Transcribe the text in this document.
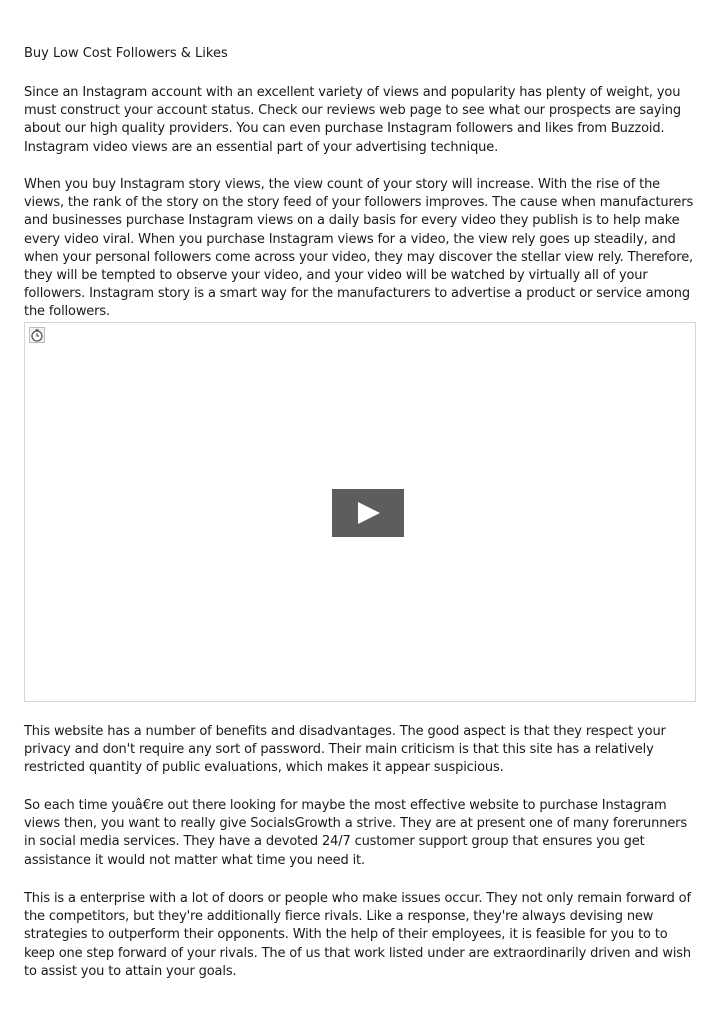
Buy Low Cost Followers & Likes

Since an Instagram account with an excellent variety of views and popularity has plenty of weight, you must construct your account status. Check our reviews web page to see what our prospects are saying about our high quality providers. You can even purchase Instagram followers and likes from Buzzoid. Instagram video views are an essential part of your advertising technique.

When you buy Instagram story views, the view count of your story will increase. With the rise of the views, the rank of the story on the story feed of your followers improves. The cause when manufacturers and businesses purchase Instagram views on a daily basis for every video they publish is to help make every video viral. When you purchase Instagram views for a video, the view rely goes up steadily, and when your personal followers come across your video, they may discover the stellar view rely. Therefore, they will be tempted to observe your video, and your video will be watched by virtually all of your followers. Instagram story is a smart way for the manufacturers to advertise a product or service among the followers.

This website has a number of benefits and disadvantages. The good aspect is that they respect your privacy and don't require any sort of password. Their main criticism is that this site has a relatively restricted quantity of public evaluations, which makes it appear suspicious.

So each time youâ€re out there looking for maybe the most effective website to purchase Instagram views then, you want to really give SocialsGrowth a strive. They are at present one of many forerunners in social media services. They have a devoted 24/7 customer support group that ensures you get assistance it would not matter what time you need it.

This is a enterprise with a lot of doors or people who make issues occur. They not only remain forward of the competitors, but they're additionally fierce rivals. Like a response, they're always devising new strategies to outperform their opponents. With the help of their employees, it is feasible for you to to keep one step forward of your rivals. The of us that work listed under are extraordinarily driven and wish to assist you to attain your goals.
